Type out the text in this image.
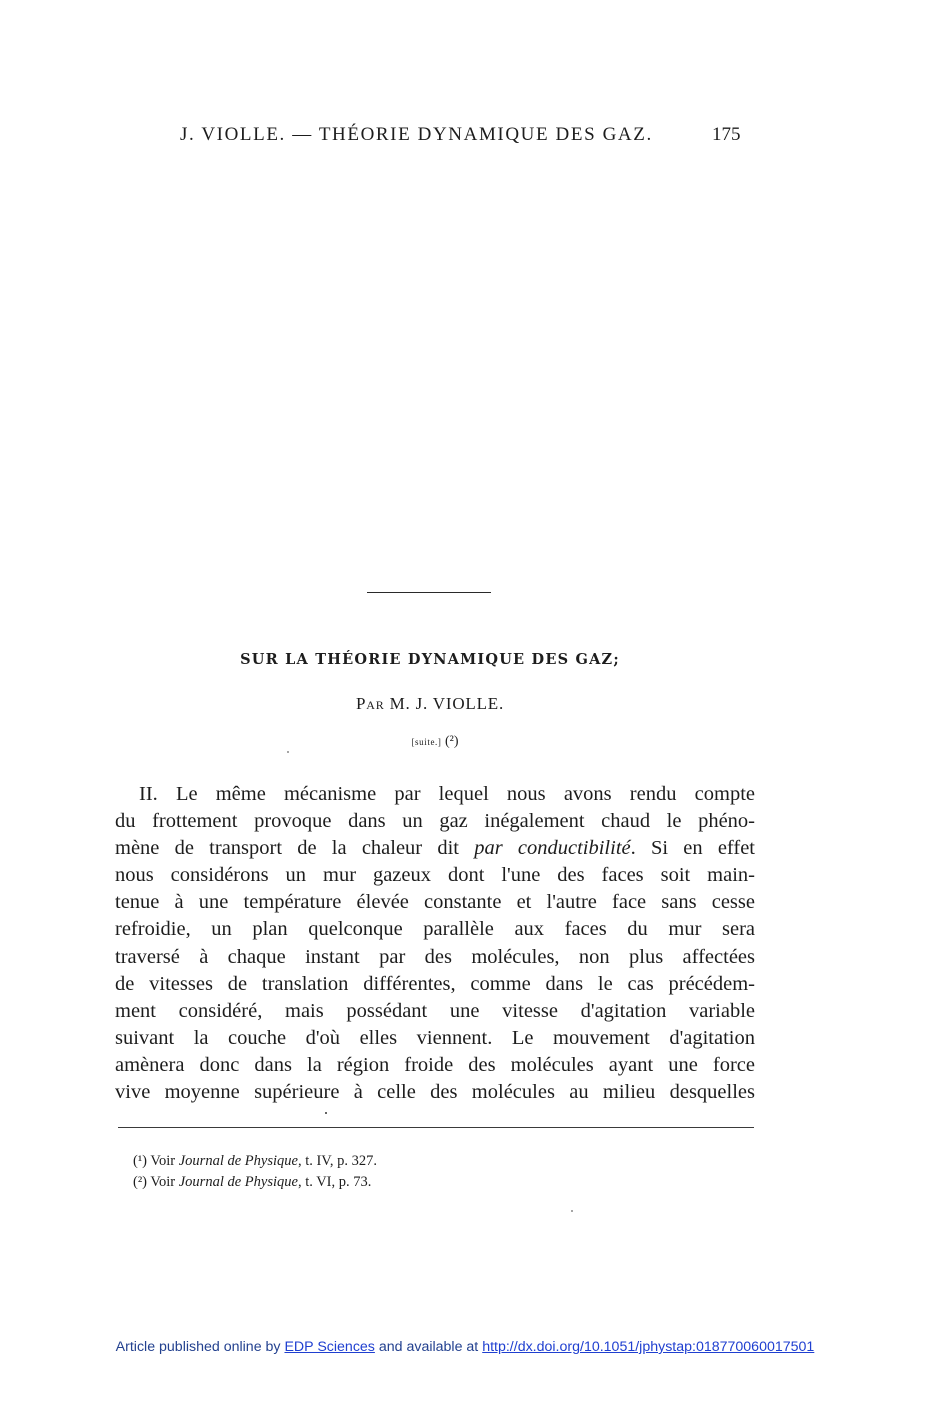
J. VIOLLE. — THÉORIE DYNAMIQUE DES GAZ.	175
SUR LA THÉORIE DYNAMIQUE DES GAZ;
Par M. J. VIOLLE.
[suite.] (²)
II. Le même mécanisme par lequel nous avons rendu compte
du frottement provoque dans un gaz inégalement chaud le phéno-
mène de transport de la chaleur dit par conductibilité. Si en effet
nous considérons un mur gazeux dont l'une des faces soit main-
tenue à une température élevée constante et l'autre face sans cesse
refroidie, un plan quelconque parallèle aux faces du mur sera
traversé à chaque instant par des molécules, non plus affectées
de vitesses de translation différentes, comme dans le cas précédem-
ment considéré, mais possédant une vitesse d'agitation variable
suivant la couche d'où elles viennent. Le mouvement d'agitation
amènera donc dans la région froide des molécules ayant une force
vive moyenne supérieure à celle des molécules au milieu desquelles
(¹) Voir Journal de Physique, t. IV, p. 327.
(²) Voir Journal de Physique, t. VI, p. 73.
Article published online by EDP Sciences and available at http://dx.doi.org/10.1051/jphystap:018770060017501
